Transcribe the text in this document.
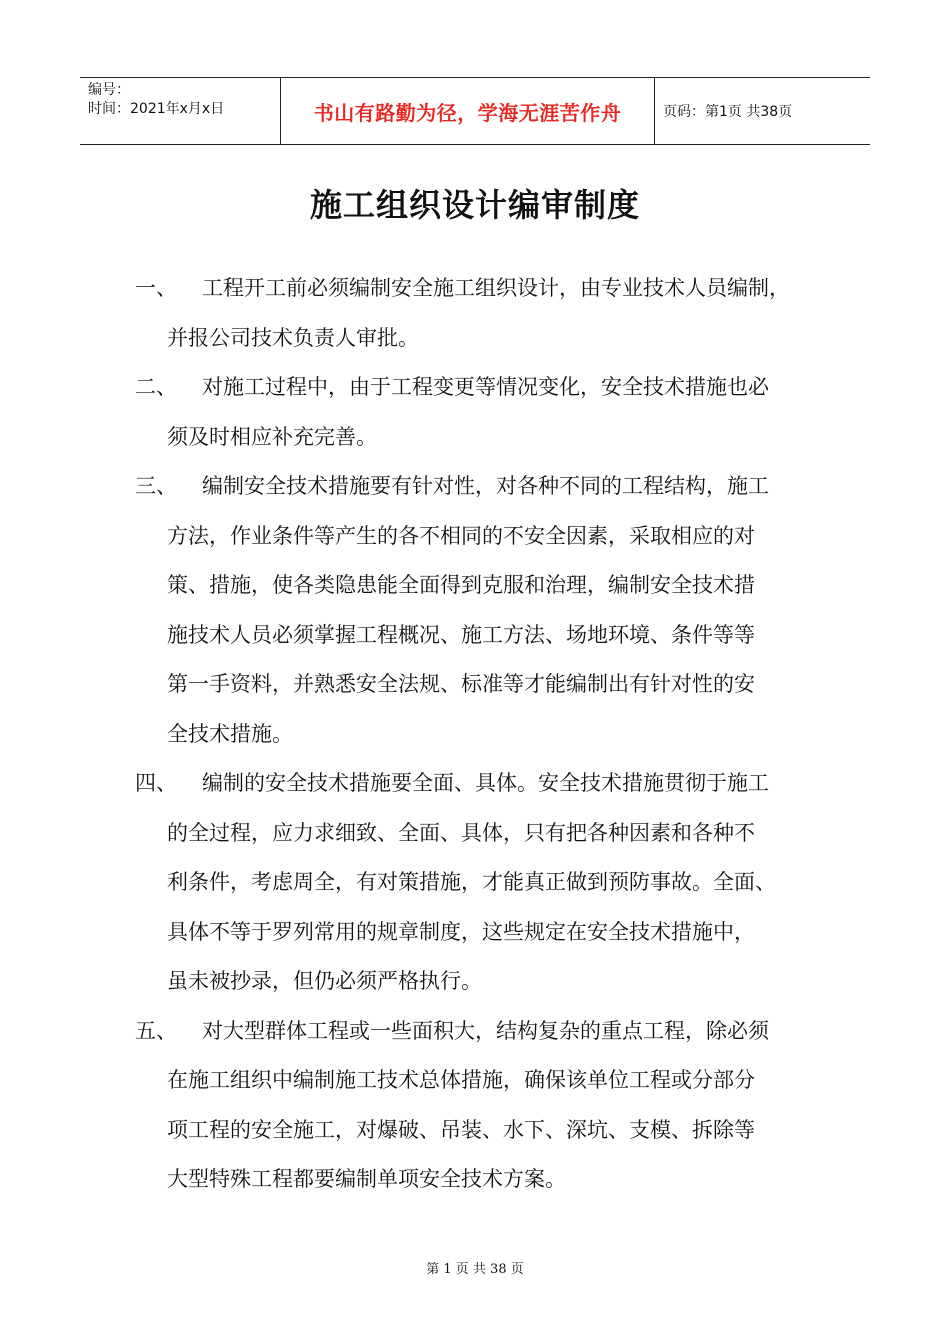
编号：
时间：2021年x月x日	书山有路勤为径，学海无涯苦作舟	页码：第1页 共38页
施工组织设计编审制度
一、	工程开工前必须编制安全施工组织设计，由专业技术人员编制，
并报公司技术负责人审批。
二、	对施工过程中，由于工程变更等情况变化，安全技术措施也必
须及时相应补充完善。
三、	编制安全技术措施要有针对性，对各种不同的工程结构，施工
方法，作业条件等产生的各不相同的不安全因素，采取相应的对
策、措施，使各类隐患能全面得到克服和治理，编制安全技术措
施技术人员必须掌握工程概况、施工方法、场地环境、条件等等
第一手资料，并熟悉安全法规、标准等才能编制出有针对性的安
全技术措施。
四、	编制的安全技术措施要全面、具体。安全技术措施贯彻于施工
的全过程，应力求细致、全面、具体，只有把各种因素和各种不
利条件，考虑周全，有对策措施，才能真正做到预防事故。全面、
具体不等于罗列常用的规章制度，这些规定在安全技术措施中，
虽未被抄录，但仍必须严格执行。
五、	对大型群体工程或一些面积大，结构复杂的重点工程，除必须
在施工组织中编制施工技术总体措施，确保该单位工程或分部分
项工程的安全施工，对爆破、吊装、水下、深坑、支模、拆除等
大型特殊工程都要编制单项安全技术方案。
第 1 页 共 38 页
